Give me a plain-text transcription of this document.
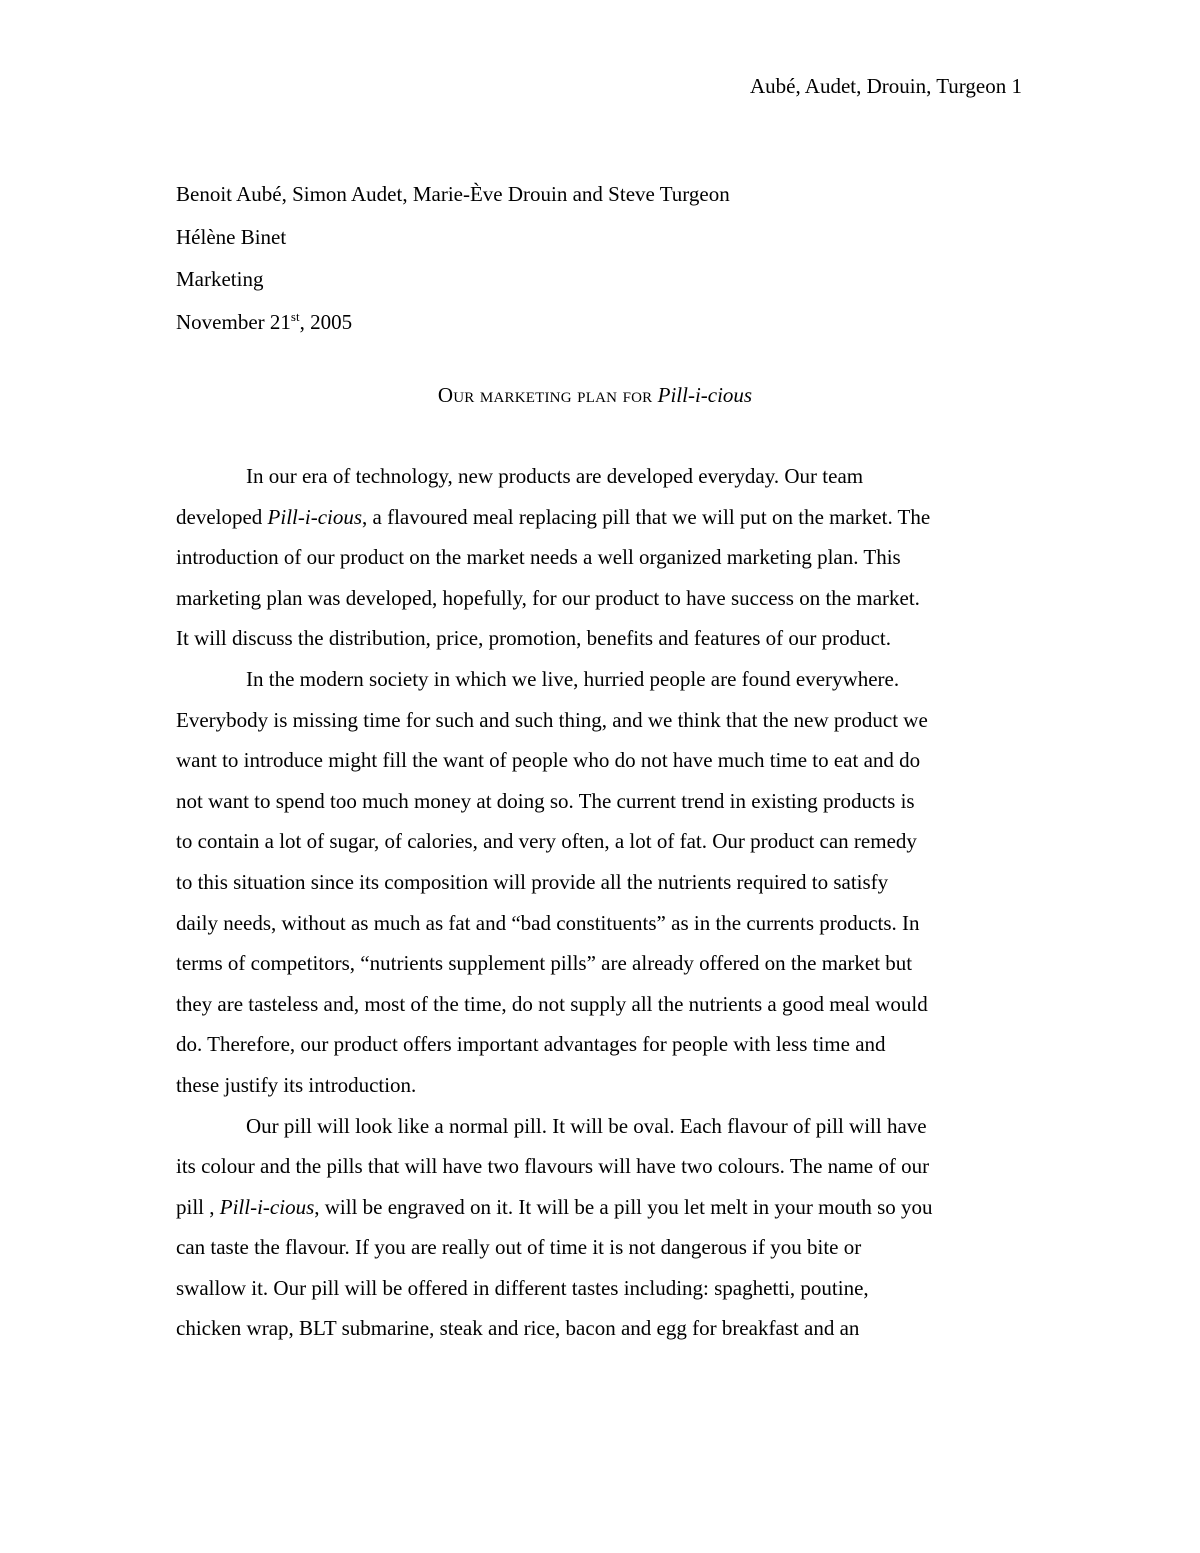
Aubé, Audet, Drouin, Turgeon 1
Benoit Aubé, Simon Audet, Marie-Ève Drouin and Steve Turgeon
Hélène Binet
Marketing
November 21st, 2005
Our marketing plan for Pill-i-cious
In our era of technology, new products are developed everyday. Our team
developed Pill-i-cious, a flavoured meal replacing pill that we will put on the market. The
introduction of our product on the market needs a well organized marketing plan. This
marketing plan was developed, hopefully, for our product to have success on the market.
It will discuss the distribution, price, promotion, benefits and features of our product.
In the modern society in which we live, hurried people are found everywhere.
Everybody is missing time for such and such thing, and we think that the new product we
want to introduce might fill the want of people who do not have much time to eat and do
not want to spend too much money at doing so. The current trend in existing products is
to contain a lot of sugar, of calories, and very often, a lot of fat. Our product can remedy
to this situation since its composition will provide all the nutrients required to satisfy
daily needs, without as much as fat and “bad constituents” as in the currents products. In
terms of competitors, “nutrients supplement pills” are already offered on the market but
they are tasteless and, most of the time, do not supply all the nutrients a good meal would
do. Therefore, our product offers important advantages for people with less time and
these justify its introduction.
Our pill will look like a normal pill. It will be oval. Each flavour of pill will have
its colour and the pills that will have two flavours will have two colours. The name of our
pill , Pill-i-cious, will be engraved on it. It will be a pill you let melt in your mouth so you
can taste the flavour. If you are really out of time it is not dangerous if you bite or
swallow it. Our pill will be offered in different tastes including: spaghetti, poutine,
chicken wrap, BLT submarine, steak and rice, bacon and egg for breakfast and an
